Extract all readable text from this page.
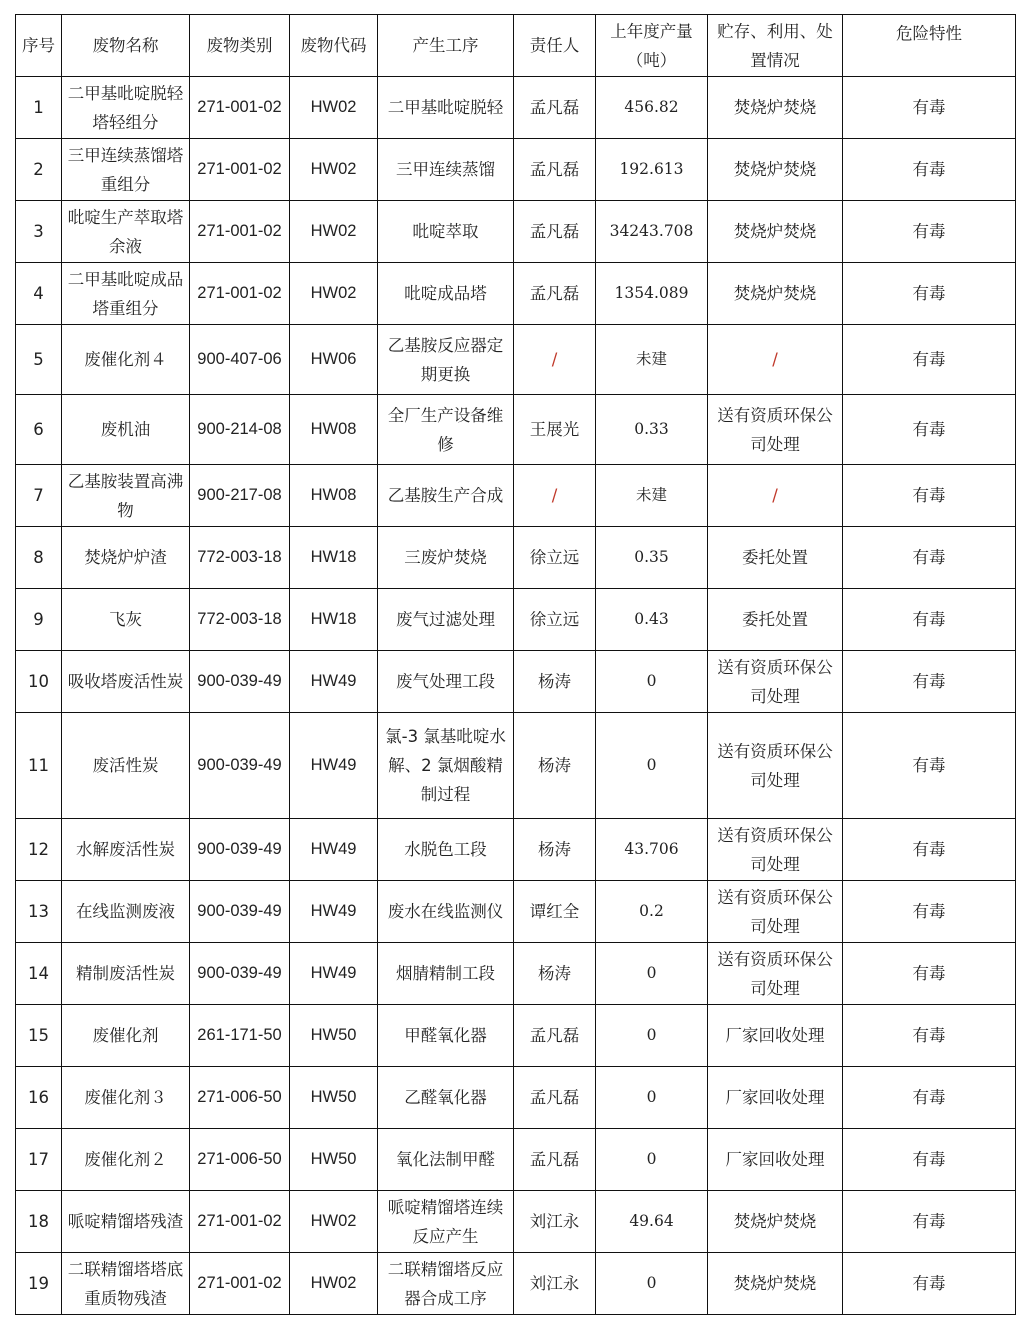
序号	废物名称	废物类别	废物代码	产生工序	责任人	上年度产量（吨）	贮存、利用、处置情况	危险特性
1	二甲基吡啶脱轻塔轻组分	271-001-02	HW02	二甲基吡啶脱轻	孟凡磊	456.82	焚烧炉焚烧	有毒
2	三甲连续蒸馏塔重组分	271-001-02	HW02	三甲连续蒸馏	孟凡磊	192.613	焚烧炉焚烧	有毒
3	吡啶生产萃取塔余液	271-001-02	HW02	吡啶萃取	孟凡磊	34243.708	焚烧炉焚烧	有毒
4	二甲基吡啶成品塔重组分	271-001-02	HW02	吡啶成品塔	孟凡磊	1354.089	焚烧炉焚烧	有毒
5	废催化剂４	900-407-06	HW06	乙基胺反应器定期更换	/	未建	/	有毒
6	废机油	900-214-08	HW08	全厂生产设备维修	王展光	0.33	送有资质环保公司处理	有毒
7	乙基胺装置高沸物	900-217-08	HW08	乙基胺生产合成	/	未建	/	有毒
8	焚烧炉炉渣	772-003-18	HW18	三废炉焚烧	徐立远	0.35	委托处置	有毒
9	飞灰	772-003-18	HW18	废气过滤处理	徐立远	0.43	委托处置	有毒
10	吸收塔废活性炭	900-039-49	HW49	废气处理工段	杨涛	0	送有资质环保公司处理	有毒
11	废活性炭	900-039-49	HW49	氯-3 氯基吡啶水解、2 氯烟酸精制过程	杨涛	0	送有资质环保公司处理	有毒
12	水解废活性炭	900-039-49	HW49	水脱色工段	杨涛	43.706	送有资质环保公司处理	有毒
13	在线监测废液	900-039-49	HW49	废水在线监测仪	谭红全	0.2	送有资质环保公司处理	有毒
14	精制废活性炭	900-039-49	HW49	烟腈精制工段	杨涛	0	送有资质环保公司处理	有毒
15	废催化剂	261-171-50	HW50	甲醛氧化器	孟凡磊	0	厂家回收处理	有毒
16	废催化剂３	271-006-50	HW50	乙醛氧化器	孟凡磊	0	厂家回收处理	有毒
17	废催化剂２	271-006-50	HW50	氧化法制甲醛	孟凡磊	0	厂家回收处理	有毒
18	哌啶精馏塔残渣	271-001-02	HW02	哌啶精馏塔连续反应产生	刘江永	49.64	焚烧炉焚烧	有毒
19	二联精馏塔塔底重质物残渣	271-001-02	HW02	二联精馏塔反应器合成工序	刘江永	0	焚烧炉焚烧	有毒
